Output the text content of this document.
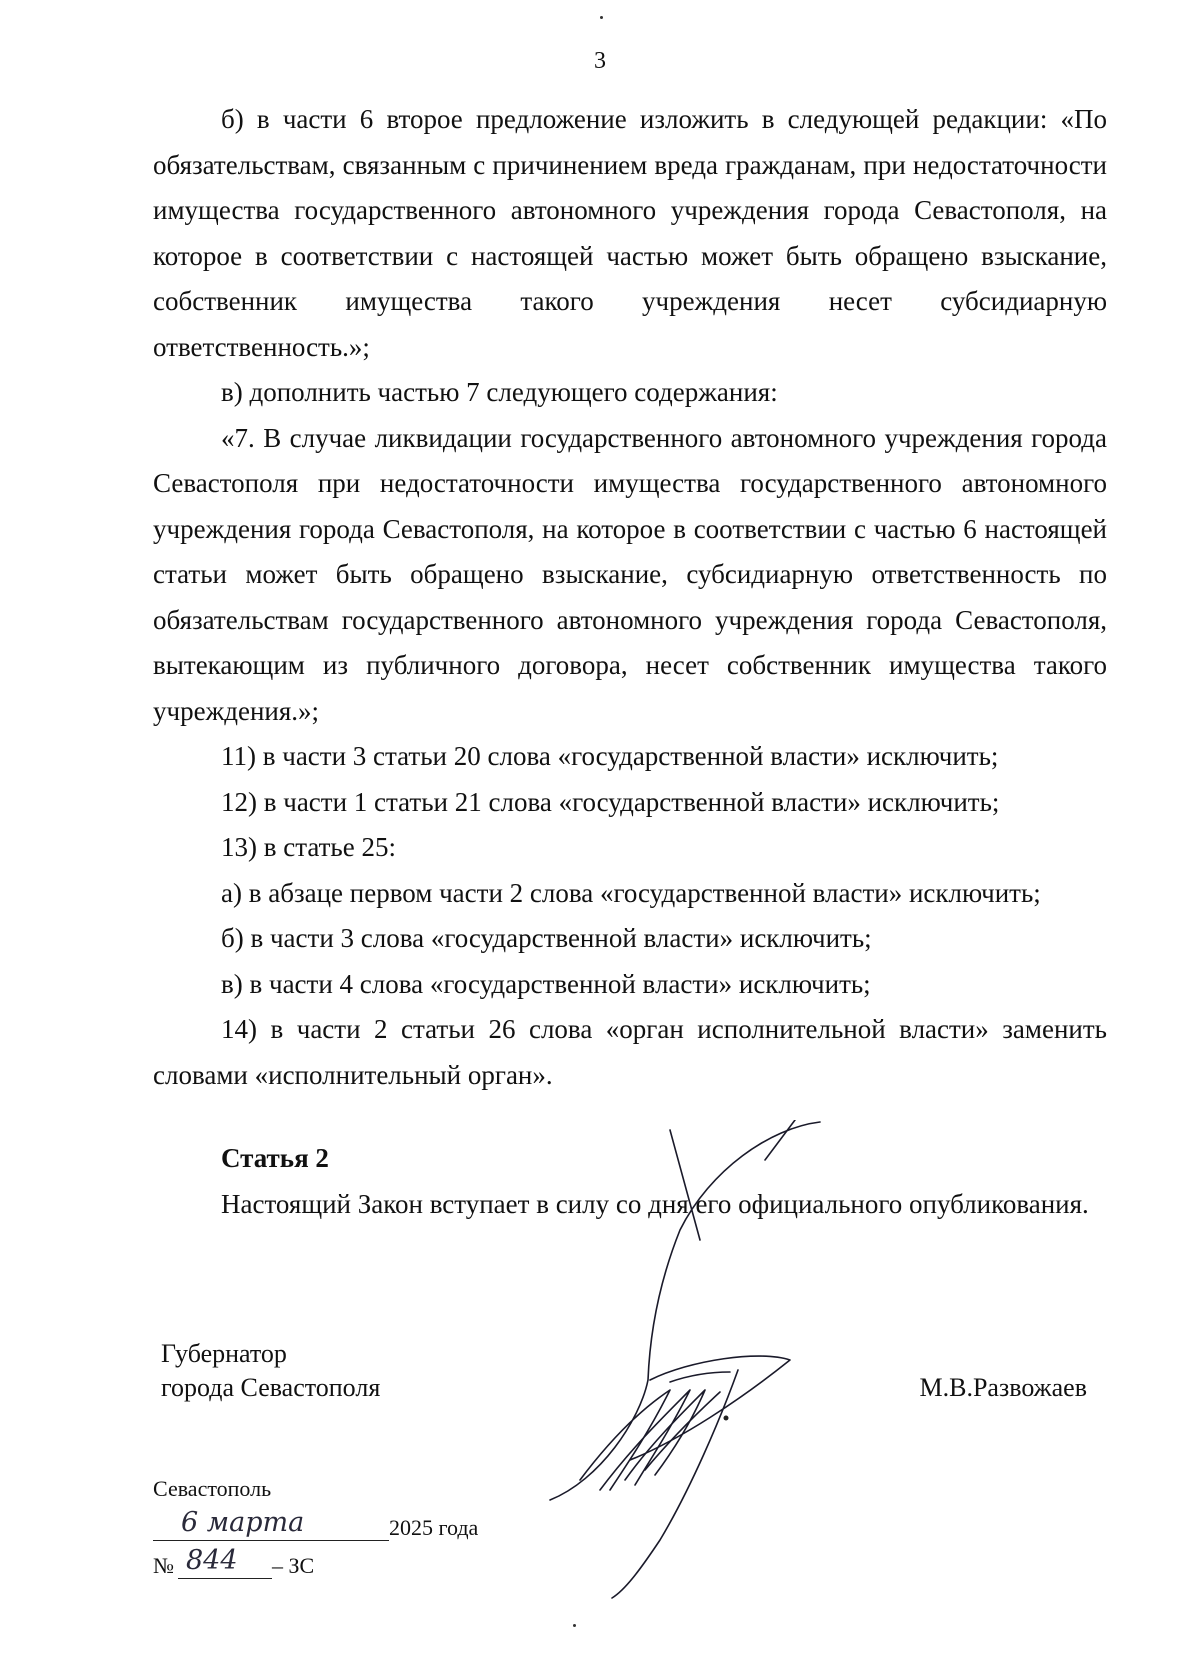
3

б) в части 6 второе предложение изложить в следующей редакции: «По обязательствам, связанным с причинением вреда гражданам, при недостаточности имущества государственного автономного учреждения города Севастополя, на которое в соответствии с настоящей частью может быть обращено взыскание, собственник имущества такого учреждения несет субсидиарную ответственность.»;

в) дополнить частью 7 следующего содержания:

«7. В случае ликвидации государственного автономного учреждения города Севастополя при недостаточности имущества государственного автономного учреждения города Севастополя, на которое в соответствии с частью 6 настоящей статьи может быть обращено взыскание, субсидиарную ответственность по обязательствам государственного автономного учреждения города Севастополя, вытекающим из публичного договора, несет собственник имущества такого учреждения.»;

11) в части 3 статьи 20 слова «государственной власти» исключить;

12) в части 1 статьи 21 слова «государственной власти» исключить;

13) в статье 25:

а) в абзаце первом части 2 слова «государственной власти» исключить;

б) в части 3 слова «государственной власти» исключить;

в) в части 4 слова «государственной власти» исключить;

14) в части 2 статьи 26 слова «орган исполнительной власти» заменить словами «исполнительный орган».

Статья 2

Настоящий Закон вступает в силу со дня его официального опубликования.

Губернатор
города Севастополя	М.В.Развожаев
Севастополь
6 марта	2025 года
№ 844 – ЗС
